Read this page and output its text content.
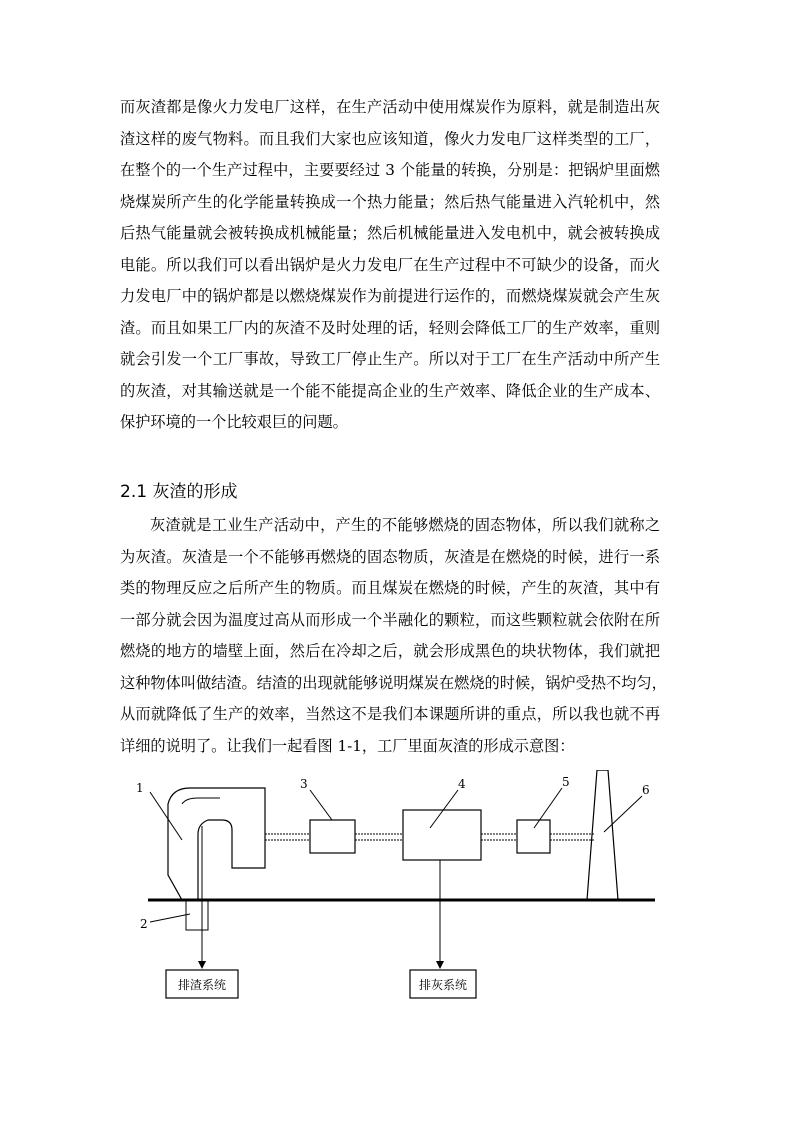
而灰渣都是像火力发电厂这样，在生产活动中使用煤炭作为原料，就是制造出灰
渣这样的废气物料。而且我们大家也应该知道，像火力发电厂这样类型的工厂，
在整个的一个生产过程中，主要要经过 3 个能量的转换，分别是：把锅炉里面燃
烧煤炭所产生的化学能量转换成一个热力能量；然后热气能量进入汽轮机中，然
后热气能量就会被转换成机械能量；然后机械能量进入发电机中，就会被转换成
电能。所以我们可以看出锅炉是火力发电厂在生产过程中不可缺少的设备，而火
力发电厂中的锅炉都是以燃烧煤炭作为前提进行运作的，而燃烧煤炭就会产生灰
渣。而且如果工厂内的灰渣不及时处理的话，轻则会降低工厂的生产效率，重则
就会引发一个工厂事故，导致工厂停止生产。所以对于工厂在生产活动中所产生
的灰渣，对其输送就是一个能不能提高企业的生产效率、降低企业的生产成本、
保护环境的一个比较艰巨的问题。
2.1 灰渣的形成
灰渣就是工业生产活动中，产生的不能够燃烧的固态物体，所以我们就称之
为灰渣。灰渣是一个不能够再燃烧的固态物质，灰渣是在燃烧的时候，进行一系
类的物理反应之后所产生的物质。而且煤炭在燃烧的时候，产生的灰渣，其中有
一部分就会因为温度过高从而形成一个半融化的颗粒，而这些颗粒就会依附在所
燃烧的地方的墙壁上面，然后在冷却之后，就会形成黑色的块状物体，我们就把
这种物体叫做结渣。结渣的出现就能够说明煤炭在燃烧的时候，锅炉受热不均匀，
从而就降低了生产的效率，当然这不是我们本课题所讲的重点，所以我也就不再
详细的说明了。让我们一起看图 1-1，工厂里面灰渣的形成示意图：
1
2
3	4	5
6
排渣系统	排灰系统
